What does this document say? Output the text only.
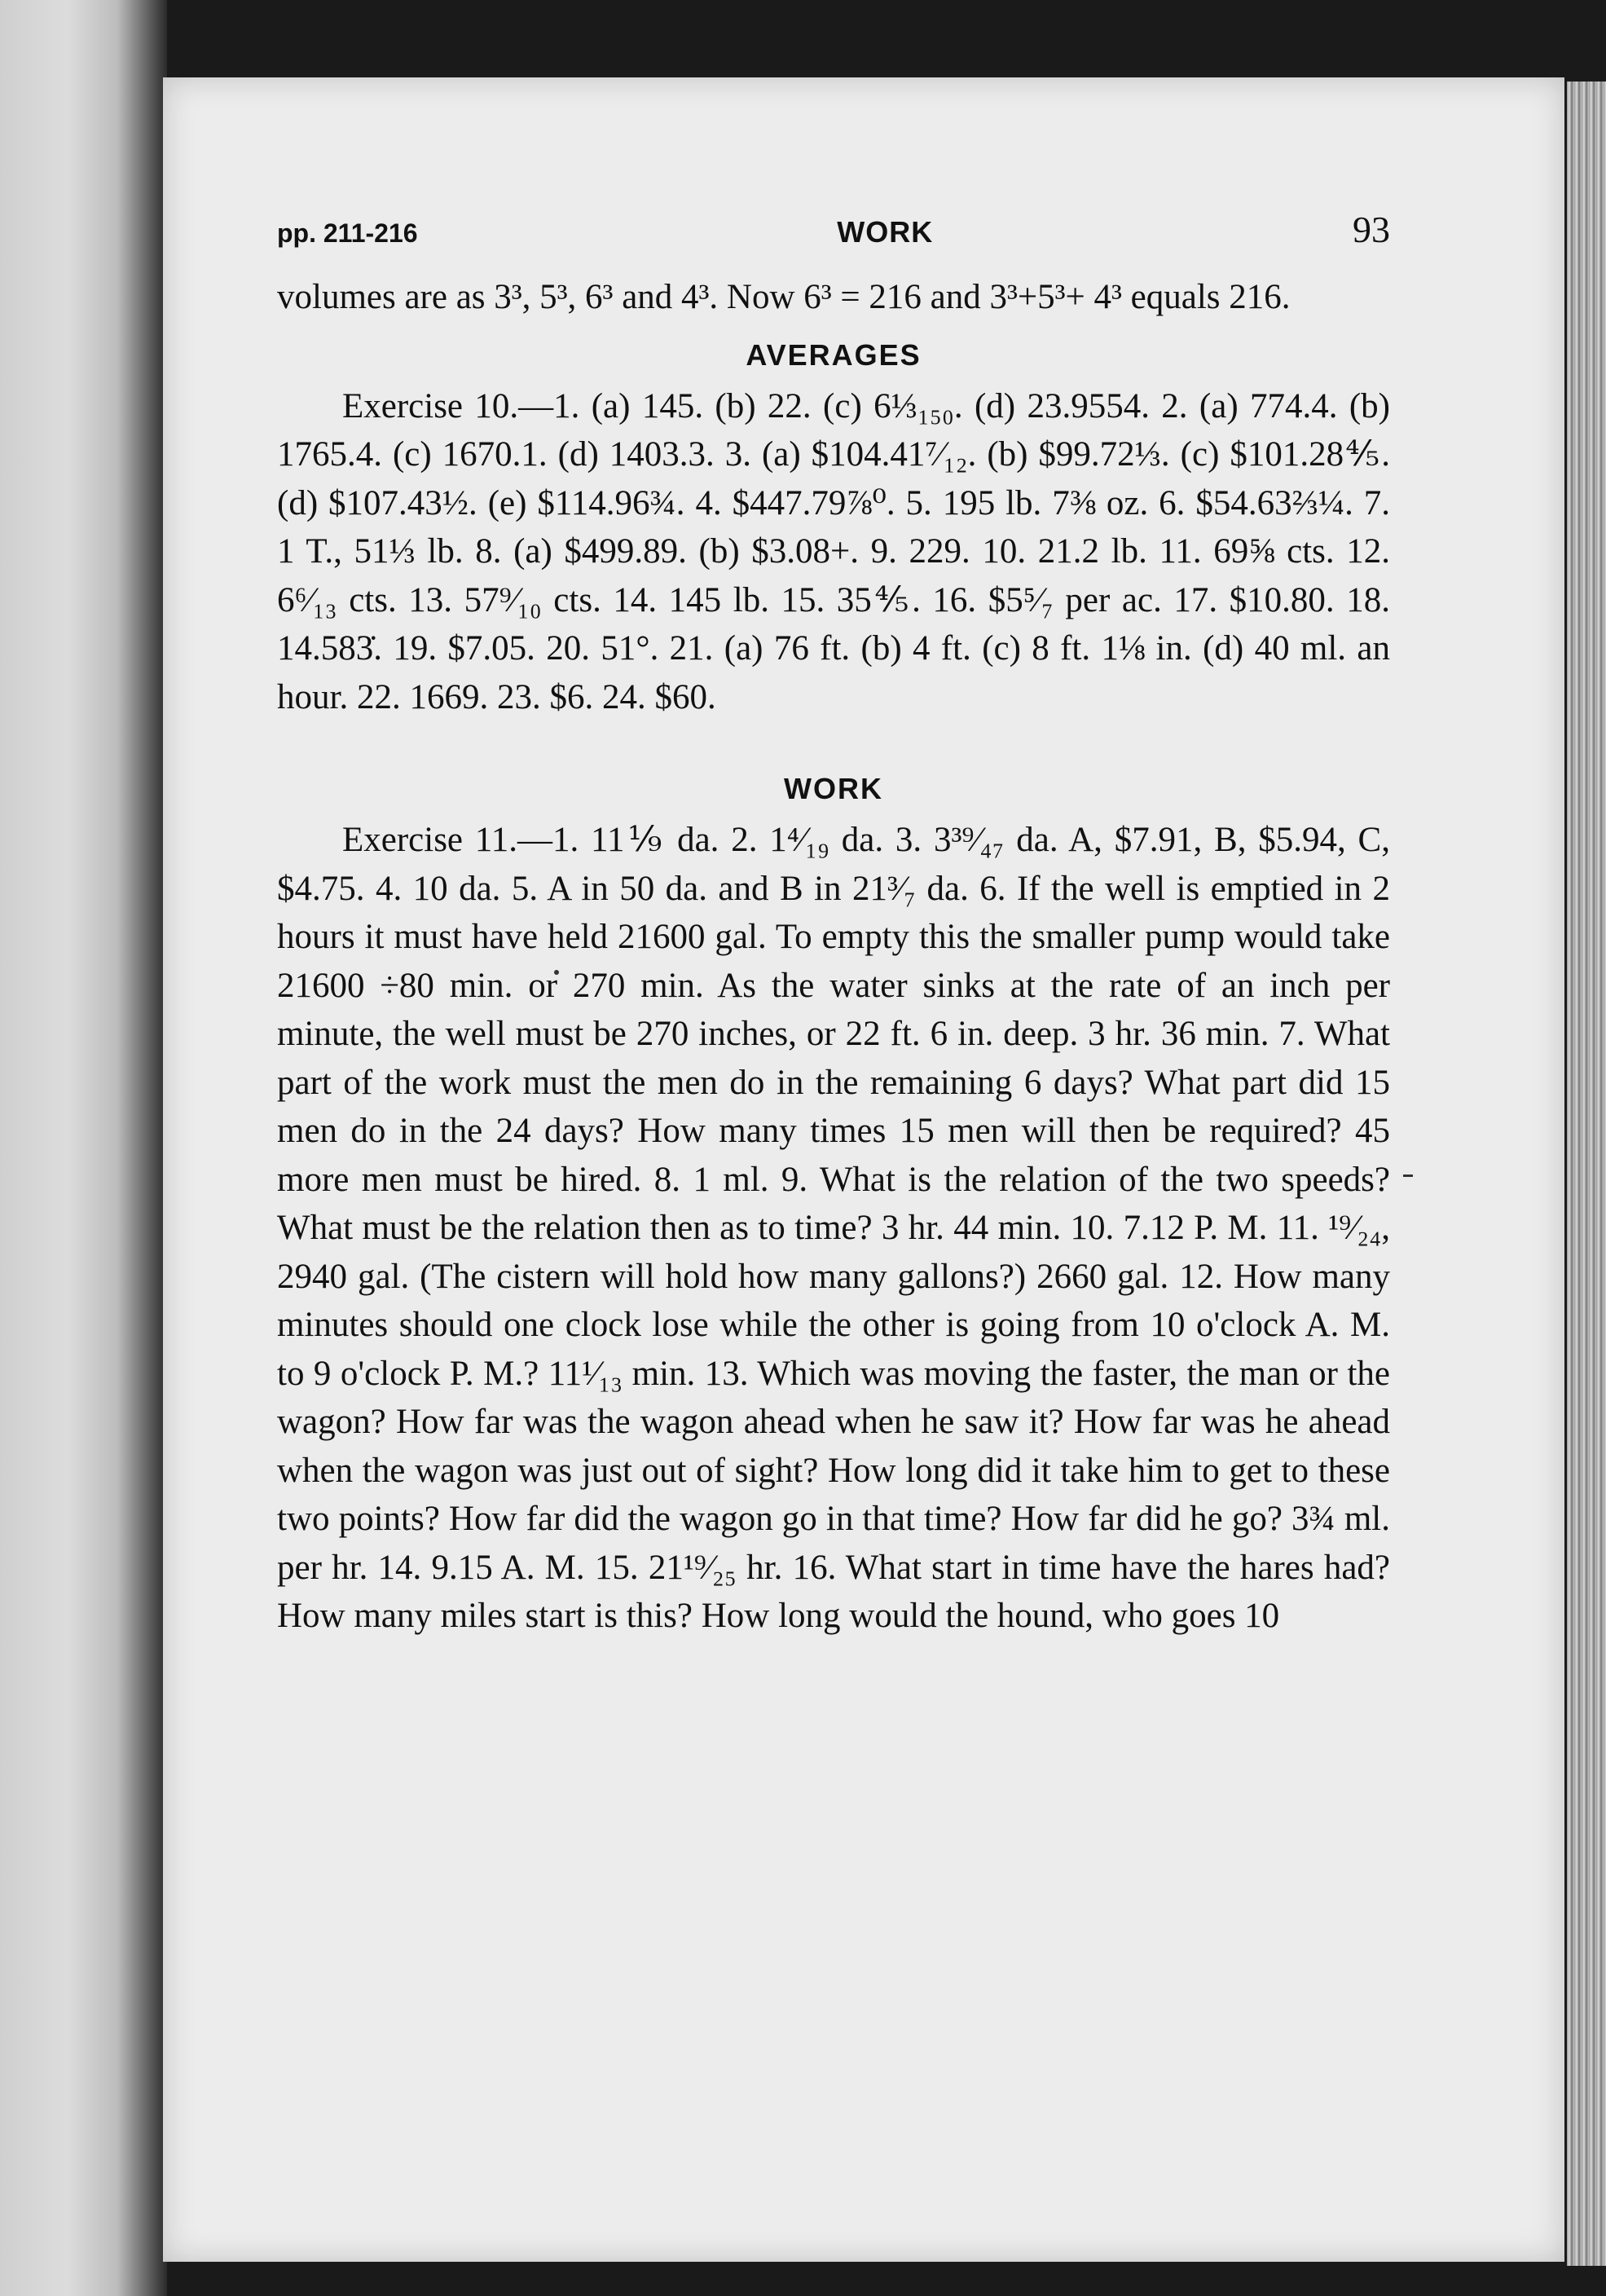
pp. 211-216	WORK	93

volumes are as 3³, 5³, 6³ and 4³. Now 6³ = 216 and 3³+5³+ 4³ equals 216.

AVERAGES

Exercise 10.—1. (a) 145. (b) 22. (c) 6⅓₁₅₀. (d) 23.9554. 2. (a) 774.4. (b) 1765.4. (c) 1670.1. (d) 1403.3. 3. (a) $104.41⁷⁄₁₂. (b) $99.72⅓. (c) $101.28⅘. (d) $107.43½. (e) $114.96¾. 4. $447.79⅞⁰. 5. 195 lb. 7⅜ oz. 6. $54.63⅔¼. 7. 1 T., 51⅓ lb. 8. (a) $499.89. (b) $3.08+. 9. 229. 10. 21.2 lb. 11. 69⅝ cts. 12. 6⁶⁄₁₃ cts. 13. 57⁹⁄₁₀ cts. 14. 145 lb. 15. 35⅘. 16. $5⁵⁄₇ per ac. 17. $10.80. 18. 14.583̇. 19. $7.05. 20. 51°. 21. (a) 76 ft. (b) 4 ft. (c) 8 ft. 1⅛ in. (d) 40 ml. an hour. 22. 1669. 23. $6. 24. $60.

WORK

Exercise 11.—1. 11⅑ da. 2. 1⁴⁄₁₉ da. 3. 3³⁹⁄₄₇ da. A, $7.91, B, $5.94, C, $4.75. 4. 10 da. 5. A in 50 da. and B in 21³⁄₇ da. 6. If the well is emptied in 2 hours it must have held 21600 gal. To empty this the smaller pump would take 21600 ÷80 min. or 270 min. As the water sinks at the rate of an inch per minute, the well must be 270 inches, or 22 ft. 6 in. deep. 3 hr. 36 min. 7. What part of the work must the men do in the remaining 6 days? What part did 15 men do in the 24 days? How many times 15 men will then be required? 45 more men must be hired. 8. 1 ml. 9. What is the relation of the two speeds? What must be the relation then as to time? 3 hr. 44 min. 10. 7.12 P. M. 11. ¹⁹⁄₂₄, 2940 gal. (The cistern will hold how many gallons?) 2660 gal. 12. How many minutes should one clock lose while the other is going from 10 o'clock A. M. to 9 o'clock P. M.? 11¹⁄₁₃ min. 13. Which was moving the faster, the man or the wagon? How far was the wagon ahead when he saw it? How far was he ahead when the wagon was just out of sight? How long did it take him to get to these two points? How far did the wagon go in that time? How far did he go? 3¾ ml. per hr. 14. 9.15 A. M. 15. 21¹⁹⁄₂₅ hr. 16. What start in time have the hares had? How many miles start is this? How long would the hound, who goes 10
